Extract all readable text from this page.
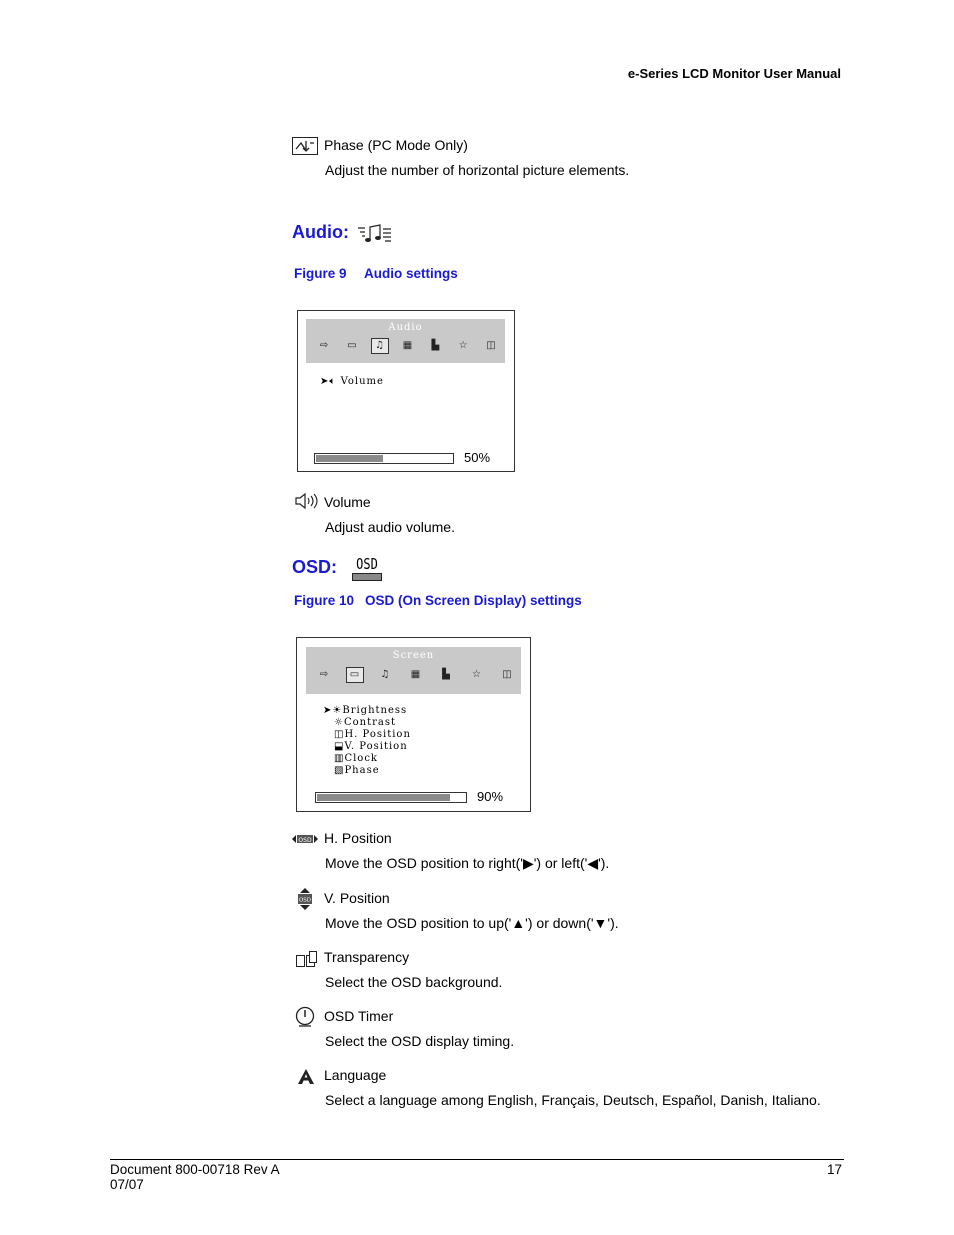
e-Series LCD Monitor User Manual
Phase (PC Mode Only)
Adjust the number of horizontal picture elements.
Audio:
Figure 9 Audio settings
Audio
⇨	▭	♫	▦	▙	☆	◫
➤🔈︎ Volume
50%
Volume
Adjust audio volume.
OSD: OSD
Figure 10 OSD (On Screen Display) settings
Screen
⇨	▭	♫	▦	▙	☆	◫
➤☀Brightness
☼Contrast
◫H. Position
⬓V. Position
▥Clock
▧Phase
90%
OSD H. Position
Move the OSD position to right('▶') or left('◀').
OSD V. Position
Move the OSD position to up('▲') or down('▼').
Transparency
Select the OSD background.
OSD Timer
Select the OSD display timing.
Language
Select a language among English, Français, Deutsch, Español, Danish, Italiano.
Document 800-00718 Rev A
07/07
17
